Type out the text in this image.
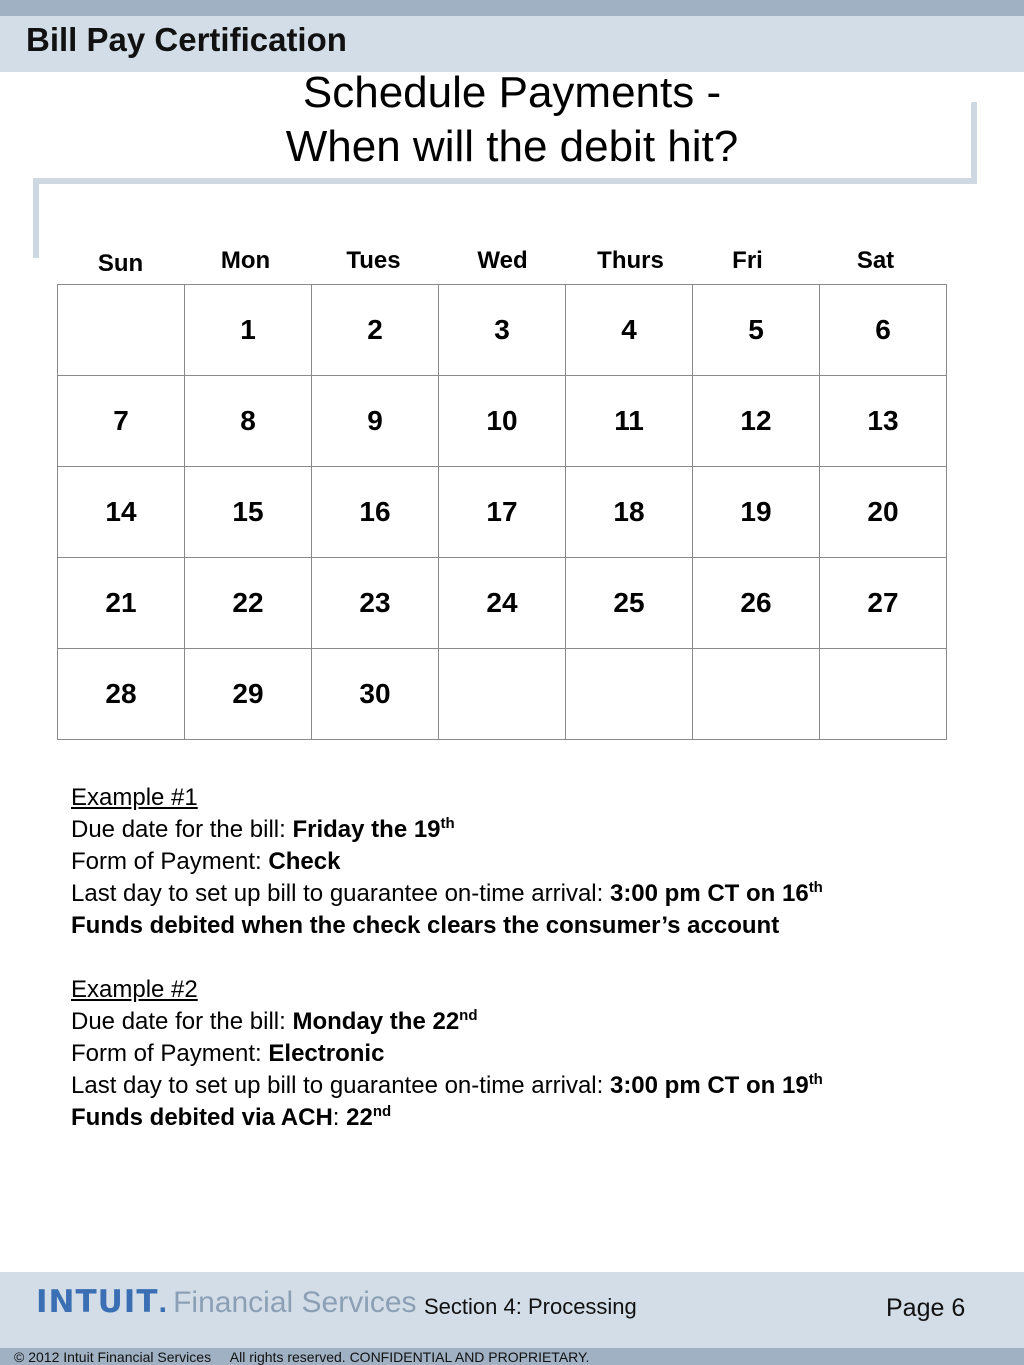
Bill Pay Certification
Schedule Payments -
When will the debit hit?
Sun	Mon	Tues	Wed	Thurs	Fri	Sat
	1	2	3	4	5	6
7	8	9	10	11	12	13
14	15	16	17	18	19	20
21	22	23	24	25	26	27
28	29	30				
Example #1
Due date for the bill: Friday the 19th
Form of Payment: Check
Last day to set up bill to guarantee on-time arrival: 3:00 pm CT on 16th
Funds debited when the check clears the consumer’s account
Example #2
Due date for the bill: Monday the 22nd
Form of Payment: Electronic
Last day to set up bill to guarantee on-time arrival: 3:00 pm CT on 19th
Funds debited via ACH: 22nd
INTUIT. Financial Services Section 4: Processing	Page 6
© 2012 Intuit Financial Services     All rights reserved. CONFIDENTIAL AND PROPRIETARY.
